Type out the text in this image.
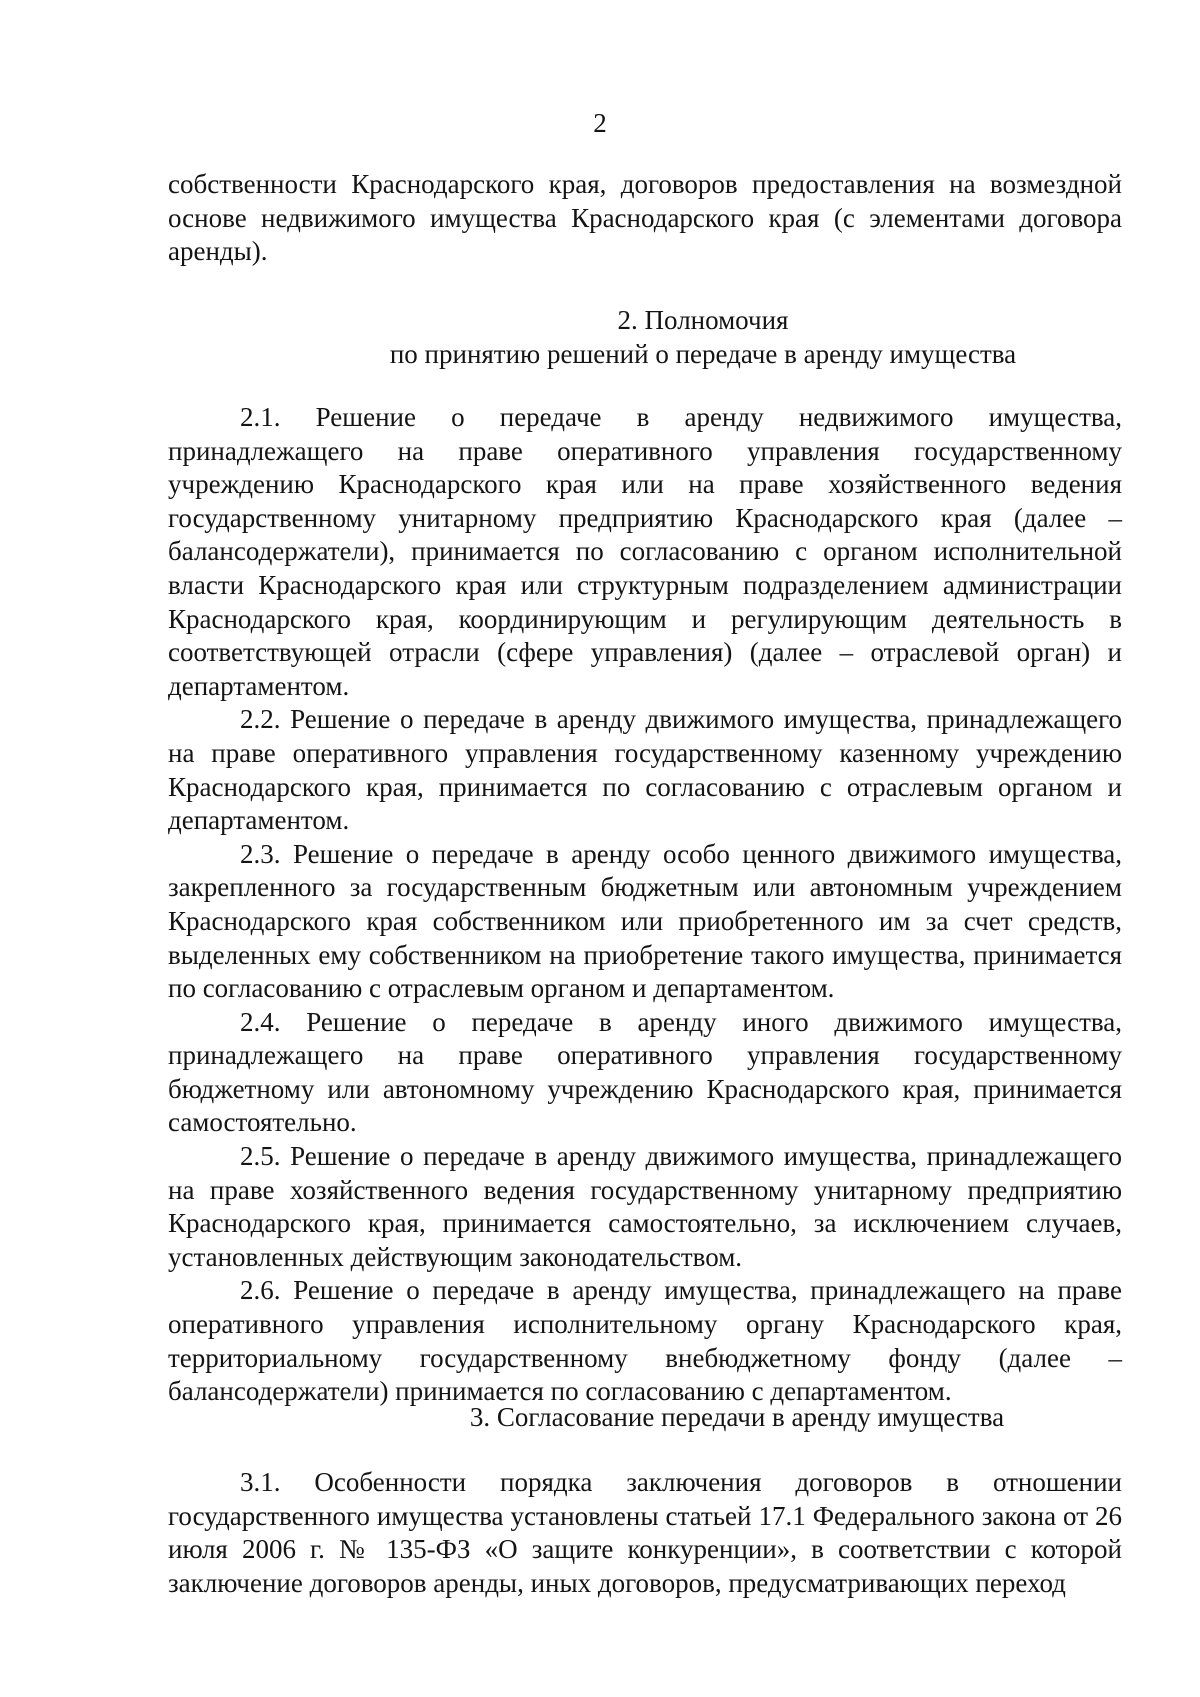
2

собственности Краснодарского края, договоров предоставления на возмездной основе недвижимого имущества Краснодарского края (с элементами договора аренды).

2. Полномочия
по принятию решений о передаче в аренду имущества

2.1. Решение о передаче в аренду недвижимого имущества, принадлежащего на праве оперативного управления государственному учреждению Краснодарского края или на праве хозяйственного ведения государственному унитарному предприятию Краснодарского края (далее – балансодержатели), принимается по согласованию с органом исполнительной власти Краснодарского края или структурным подразделением администрации Краснодарского края, координирующим и регулирующим деятельность в соответствующей отрасли (сфере управления) (далее – отраслевой орган) и департаментом.

2.2. Решение о передаче в аренду движимого имущества, принадлежащего на праве оперативного управления государственному казенному учреждению Краснодарского края, принимается по согласованию с отраслевым органом и департаментом.

2.3. Решение о передаче в аренду особо ценного движимого имущества, закрепленного за государственным бюджетным или автономным учреждением Краснодарского края собственником или приобретенного им за счет средств, выделенных ему собственником на приобретение такого имущества, принимается по согласованию с отраслевым органом и департаментом.

2.4. Решение о передаче в аренду иного движимого имущества, принадлежащего на праве оперативного управления государственному бюджетному или автономному учреждению Краснодарского края, принимается самостоятельно.

2.5. Решение о передаче в аренду движимого имущества, принадлежащего на праве хозяйственного ведения государственному унитарному предприятию Краснодарского края, принимается самостоятельно, за исключением случаев, установленных действующим законодательством.

2.6. Решение о передаче в аренду имущества, принадлежащего на праве оперативного управления исполнительному органу Краснодарского края, территориальному государственному внебюджетному фонду (далее – балансодержатели) принимается по согласованию с департаментом.

3. Согласование передачи в аренду имущества

3.1. Особенности порядка заключения договоров в отношении государственного имущества установлены статьей 17.1 Федерального закона от 26 июля 2006 г. № 135-ФЗ «О защите конкуренции», в соответствии с которой заключение договоров аренды, иных договоров, предусматривающих переход
